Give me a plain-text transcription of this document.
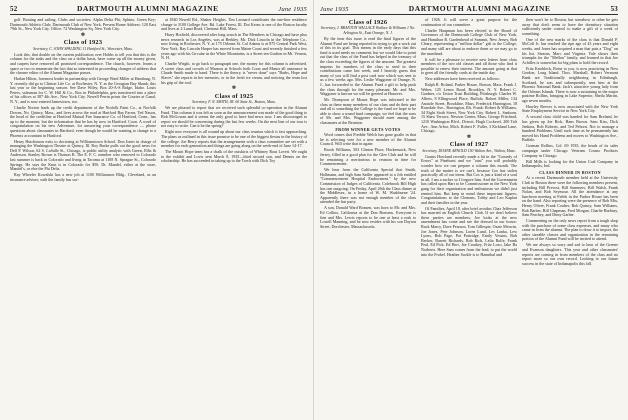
52	DARTMOUTH ALUMNI MAGAZINE	June 1935

golf. Boating and sailing. Clubs and societies: Alpha Delta Phi; Sphinx; Green Key; Dartmouth Athletic Club; Dartmouth Club of New York. Present Home Address: 120 East 79th St., New York City. Office: 72 Washington Sq. New York City.

✽
Class of 1923
Secretary, C. JOHN SPALDING 11 Hartford St., Worcester, Mass.

Look this, that double on the current publication over Hobbs to tell you that this is the column for the sinks and the class on a dollar basis, have come up all the money given, and carpets have removed all promised correspondence. The church, however, learns a space or two to enumerate the fact that so interested in proceeding changes of address that the chrome editor of the Alumni Magazine passes.

Harlan Hilton, foremost leader in partnership with George Ward Miller at Hamburg, N. Y. recently did go to Clinton Life Co. at Rochester, N. Y. as the Georgian Bay Skunk, this last year or the beginning season. See Dave Wiley, Box 20-A-S Ridge, Idaho. Louis Peters, salesman for C. W. Hill & Co., Box in Philadelphia, gets transferred into a place of his offices at 387 4th Ave., New York City. Newell Perrin prints the Courier at Canal, N. Y., and is now entered Jamestown, too.

Charlie Norton leads up the credit department of the Norfolk Paint Co., at Norfolk Downs, No. Quincy, Mass., and lives across the road at Hartford Bay Farms. Ted Nason, the head of the creditline at Hartford Mutual Fire Insurance Co. of Hartford, Conn., has up to the moment, but the information that he has by now in Hartford. Coon. A word of congratulation on his new Adventure, for answering your correspondence — phone questions about classmates in Hartford, even though he would be wanting to change to a Phoenix accountant in Hartford.

Henry Hutchinson exits to doctoring at Williamstown School. Don Jones in charge of managing the Washington Theatre at Quincy, Ill. Roy Burke pulls out the good news for Dell P. Wilson, 62 S. LaSalle St., Chicago, is public utility analytic with Green, Ellis & Anderson. Stanley Brown is Thomas B. The E. F. C. member who removed to Colorado last summer is back in Colorado and living in Tacoma at 1108 N. Sprague St., Colorado Springs. He says the Knut is in Colorado for $50. Dr. Mandel, either at the store, Mandel's, or else the Phi Delts.

Ray Wheeler Kowalski has a new job at 1100 Williamson Bldg., Cleveland, as an insurance adviser, with the family has suc-

at 1840 Newell Rd., Shaker Heights. Tim Leonard contributes the one-line residence change to 3100 Gollege Ave. Rd. Lake Forest, Ill. Dot Kerns is one of the Boston faculty and lives at 2 Lanai Road, Chestnut Hill, Mass.

Harry Hotfield, discovered after long search in The Members in Chicago and have plus news research in Los Angeles, was at Berkley. Mr. Dick Lincoln in the Telephone Co., now living in Rochester, N. Y. at 175 Orleans St. Cal Adams is at 875 Central Park West, New York. Ray Lincoln Harper has moved from Maine Coast and recently finished a few years ago with his Circular in the White Mountains, is a Street ten Grafton in Mt. Vernon, N. H.

Charlie Wright, to go back to paragraph one, the money for this column is advertised. A sweet class and crowds of Manoos at Schools both Coon and Manor all announce in Claude Smith made to hand. There is the theory, is "never done" says "Barbs, Hope and Slaves" she reports in her memoirs, or in the fresh ice cream, and noticing the team lost his grip of the roof.

✽
Class of 1925
Secretary, F. N. SMITH, JR. 60 State St., Boston, Mass.

We are pleased to report that we received such splendid co-operation in the Alumni Fund. This column it was felt as soon as the announcement was made of the good thing to Bob McGowan and it seems the only good to have bad news now. I am discouraged to report we should be concerning during the last few weeks. On the next line of our tour is not easy to write. Can it be the spring?

Right now everyone is all wound up about our class reunion which is fast approaching. The plans as outlined in this issue promise to be one of the biggest fiestas in the history of the college. Joe Berry reports that the arrangements with a class committee are set with a member for each generation and things are going along on the week-end of June 14-17.

The Mount Hope team has a chalk of the outskirts of Whitney Rout Lovett. We ought to the exhibit and Lovis sent March 8, 1935—third second son, and Dennis on the scholarship. He has succeeded in taking up to the Torch with Dick Toy

June 1935	DARTMOUTH ALUMNI MAGAZINE	53
Class of 1926
Secretary, J. BRANTON WALLACE Wallace & Williams 1 No. Arlington St., East Orange, N. J.

By the time this issue is read the final figures of the Alumni Fund are being reported in trying to get a work out of this in its goal. This means in the early days that this fund is used needs no comment, but we would like to point out that the class of the Fund has helped in the treasury of the class exceeding the figures of the amount. The greatest impetus for numbers of the class to send in their contributions came last week, and I heartily guess that many of you will find a post card now which was sent to us a few weeks ago. Mrs. Leslie Waggoner of Orange, N. J., has forwarded to the Alumni Fund a gift to help push the class through for the many pleasant. Mr. and Mrs. Waggoner is known we will be greeted at Hanover.

Mr. Thompson of Mount Hope was informed to the class as these many members of our class and do their part and all is something the College is the fund we hope to be able to show a sound fund campaign, we feel that the sons of Mr. and Mrs. Waggoner should meet among the classmates at the Reunion.

FROM WINNER GETS VOTES

Word comes that Freddie Welch has gone goalie in that he is selecting vote for a new member of the Alumni Council. Will write that in again:

Brook Williams, 503 Clinton Place, Hackensack, New Jersey, filled in a good plan for the Glee Club and he will be remaining a meritorious to reunion in time for Commencement.

We hear from the California Special that Smith, Hollmann, and high Sam Sadler appeared to a Job entitled "Commencement Hospital Endowment." by the new Commission of Judges of California. Colebrook Bill High has one outgoing. On Friday, April 26th the Class dinner at the Middlesex, in a home of W. M. Washburne '24. Apparently there was not enough member of the class attended the last party.

A son, Donald Ward Bonsen, was born to Mr. and Mrs. Ed Collins, California at the Don Bonsens. Everyone is fine and Mrs. Lewis reports to be one at least a rush to Lowell Manning, and he now resides with his son Dayton Street, Dorchester, Massachusetts.

of 1926. It will serve a great purpose for the continuation of our committee.

Charlie Haupman has been elected to the Board of Governors of the Dartmouth College Club of New York, and Hamilton R. Gardenhead of Summit, New Jersey, Bob Cleary, representing a "million dollar" gift to the College, and many still are about to endorse them so we may go to the masthead.

It will be a pleasure to receive new letters from class members of the two old classes and all those who find it possible to renew their interest. The amount going at that to greet all the friendly cards at the inside day.

New addresses have been received as follows:

Ralph R. Roland, Parker House, Boston, Mass. Frank J. Weber, 125 Lenox Road, Brooklyn, N. Y. Robert C. Gardner, c/o Union Trust Building, Pittsburgh. Charles W. Albers, 8 Ellingwood Place, Buffalo. Robert Miller, 134 Anatole Street, Brookline, Mass. Frederick Harrington, 18 Rosedale Ave., Barrington, Ills. Frank: Robert & Williams, 34 Eight Sixth Street, New York City. Robert L. Sanborn, 15 Shaw Terrace, Newton Center, Mass. George Pritchard, 1210 Washington Blvd., Detroit. Hugh Cockerel, 200 Taft Ave., Ann Arbor, Mich. Robert F. Fuller, 3 Kirkland Lane, Chicago.

✽
Class of 1927
Secretary, DOANE ARNOLD 150 Walton Ave., Walton, Mass.

Grants Howland recently made a hit in the "Comedy of Errors" at Pinehurst and we "oust" you will probably wonder how we can prepare a column this month. The truth of the matter is we can't, because Cos has stolen practically all of our items. But Cos is just a kind of a soul in all, I am a sucker so I forgave him. And the Government has called upon Hart to be Commissioner in the New York gang for their organization and enthusiasm we didn't just remind him. But keep in mind these important figures; Congratulations to the Clemans, Tobby and Leo Kaplan and their families in the year.

Of Families, April 18, after brief avoidus Chaz Jefferson has married an English Church Club. If we don't believe these parties are members, Joe looks at the new amendment has come and see the dressed in our honor: Buck Marcy, Dave Pearson, Tom Gillespie, Ozzie Merwin, Joe Jones, Pete Johnson, Loren Lund, Les Lanka, Lew Lyons, Bob Page, Pat Partridge, Emily Vessim, Bob Becker, Barrett Richards, Bob Rich, Lelia Rolfe, Frank Peal, Ed Pick, Ed Bert, Joe Cronkey, Fritz Lozo, Jake Ba Norberts. Here Sam comes from the lead, to put the world into the Frobel. Heather Sackle is to Hannibal and

then won't be to Boston, but somehow or other he gets away that don't seem to have the dormitory situation sufficiently under control to make a gift of a week of something.

One of the new marks of the class is that Donald P. McColl Jr. has reached the ripe age of 43 years and eight weeks, and Jones has acquired a man that puts a "Dog" on his list. Stearns, Marc and Virginia. Yale shows their triumphs for the "Mellon" family, and learned in that Joe Achilles is somewhat for big plans to hold the record.

Fritz Knoblock, Boise to you, is now practicing in New Gordon, Long Island. Thos. Marshall, Robert Vermont Bank are Traditionally neighboring in Edinburgh, Scotland, he was and subsequently, sent him at the Phoenix National Bank. Jack's attractive young lady from the Orleans Islands. There is now a sustaining in the major pastime Rollins, bringing in Lake Superior, Sheila Martin, ago seven months.

Hawley Brewer is now associated with the New York State Employment Service in New York City.

A second class child was handed for Sam Breland, he has given up Joe Rick, Hans Brown. Sam Kiss, Dick Jenkins, Bob Roberts, and Ted Pehorn. Not to manage a hundred Problems. Until such time as he permanently has moved his Hand Problems and moves to Washington Ave., Buffalo.

Gorman Rollins, Col. 69 1935, the heads of its sales campaign under Chicago Veterans Cosmo Products Company in Chicago.

Bill Mills is looking for the Union Coal Company in Indianapolis, Ind.

CLASS DINNER IN BOSTON

At a recent Dartmouth member held at the University Club in Boston there were the following members present, including Bill Prevost, Bill Summers, Bill Walsh, Frank Nolan, and Bob Seymour. All the attendance at any luncheon meeting at Fields in the Parker House has been on the hand. Also reporting were the presence of Bob Mix, Henry Oliver, Frank Coulter, Bob Quincy, Sam Williams, Bob Barber, Bill Chapman, Fred Morgan, Charlie Burbury, Sam Peachey, and Dimy Garber.

Commenting on the only news report from a tough shop with the purchase of some class expenses, and many who came in from the alumni. The plan to draw it to import, the other sizeable classes and organization in the remaining portion of the Alumni Fund will be invited to attend.

We are always so sorry and sad to hear of the Greene and Evanson daughters. This year and other classmates' reports are coming in from members of the class and no report more so our own record. Looking to our future success in the state of Indianapolis this fall.
